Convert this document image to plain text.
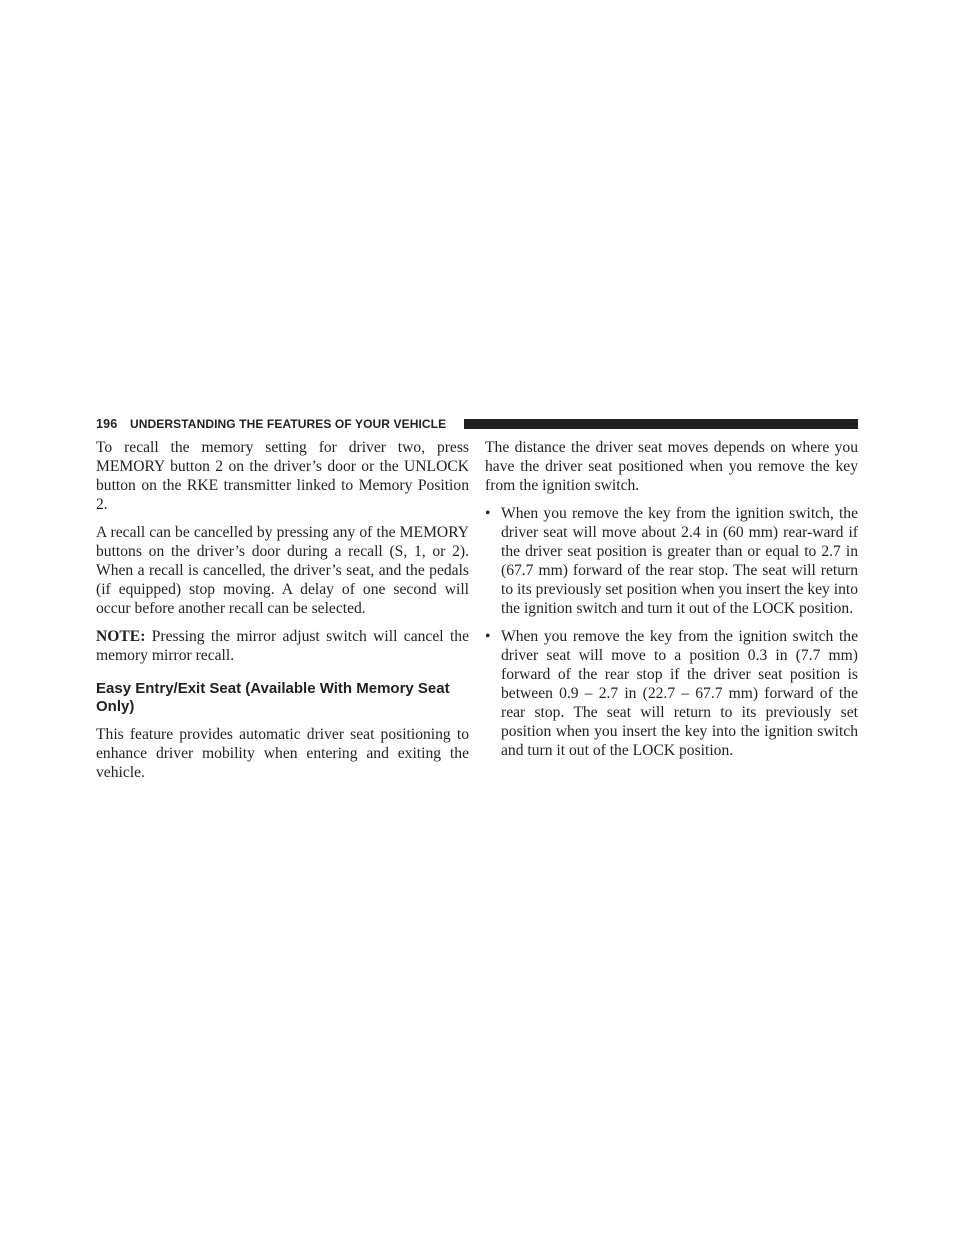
196 UNDERSTANDING THE FEATURES OF YOUR VEHICLE

To recall the memory setting for driver two, press MEMORY button 2 on the driver’s door or the UNLOCK button on the RKE transmitter linked to Memory Position 2.

A recall can be cancelled by pressing any of the MEMORY buttons on the driver’s door during a recall (S, 1, or 2). When a recall is cancelled, the driver’s seat, and the pedals (if equipped) stop moving. A delay of one second will occur before another recall can be selected.

NOTE: Pressing the mirror adjust switch will cancel the memory mirror recall.

Easy Entry/Exit Seat (Available With Memory Seat Only)

This feature provides automatic driver seat positioning to enhance driver mobility when entering and exiting the vehicle.

The distance the driver seat moves depends on where you have the driver seat positioned when you remove the key from the ignition switch.

• When you remove the key from the ignition switch, the driver seat will move about 2.4 in (60 mm) rear-ward if the driver seat position is greater than or equal to 2.7 in (67.7 mm) forward of the rear stop. The seat will return to its previously set position when you insert the key into the ignition switch and turn it out of the LOCK position.
• When you remove the key from the ignition switch the driver seat will move to a position 0.3 in (7.7 mm) forward of the rear stop if the driver seat position is between 0.9 – 2.7 in (22.7 – 67.7 mm) forward of the rear stop. The seat will return to its previously set position when you insert the key into the ignition switch and turn it out of the LOCK position.
